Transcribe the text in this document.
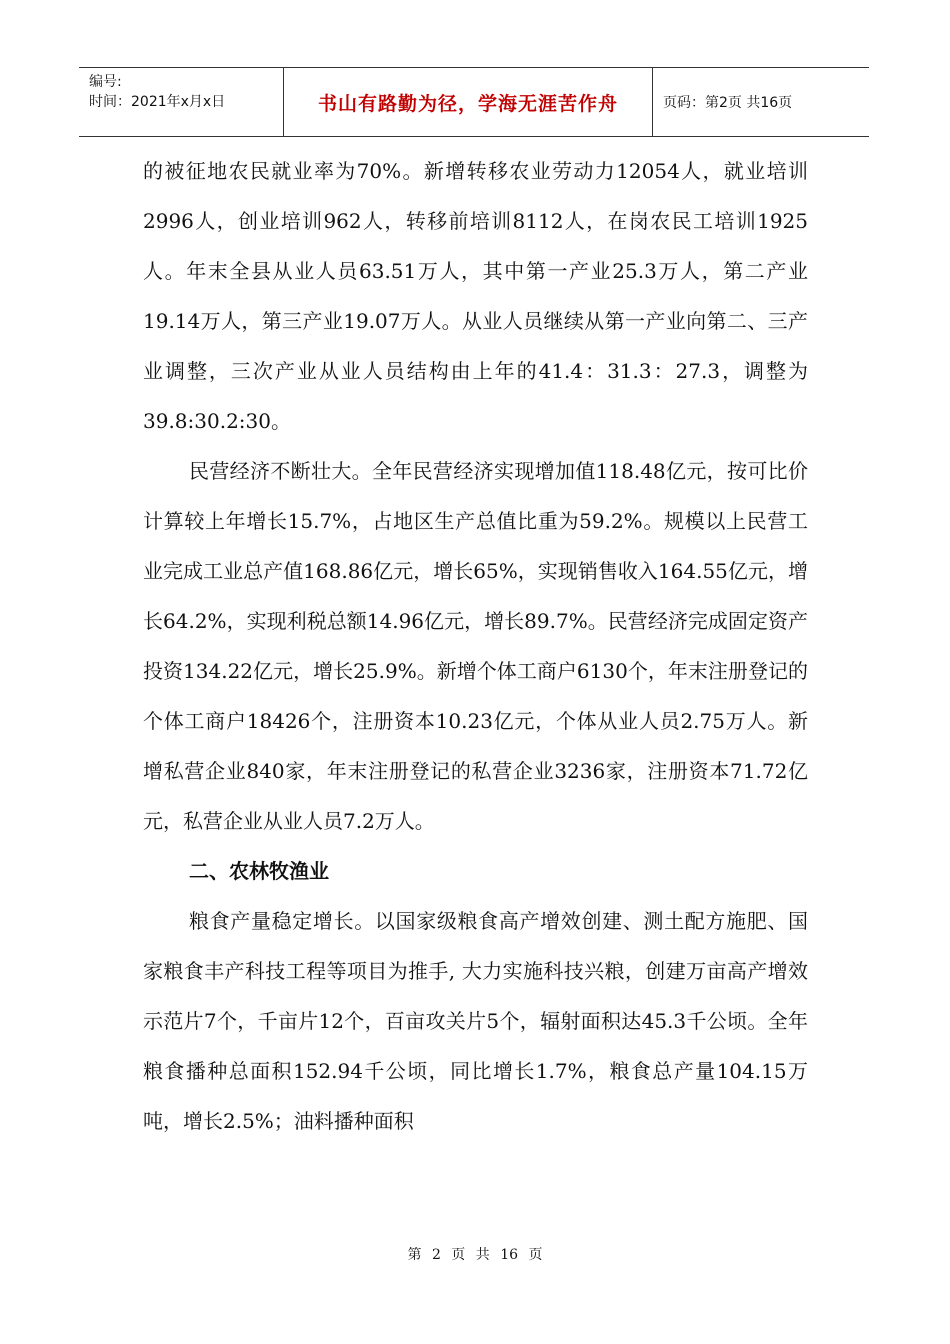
编号:
时间：2021年x月x日	书山有路勤为径，学海无涯苦作舟	页码：第2页 共16页

的被征地农民就业率为70%。新增转移农业劳动力12054人，就业培训2996人，创业培训962人，转移前培训8112人，在岗农民工培训1925人。年末全县从业人员63.51万人，其中第一产业25.3万人，第二产业19.14万人，第三产业19.07万人。从业人员继续从第一产业向第二、三产业调整，三次产业从业人员结构由上年的41.4：31.3：27.3，调整为39.8:30.2:30。

民营经济不断壮大。全年民营经济实现增加值118.48亿元，按可比价计算较上年增长15.7%，占地区生产总值比重为59.2%。规模以上民营工业完成工业总产值168.86亿元，增长65%，实现销售收入164.55亿元，增长64.2%，实现利税总额14.96亿元，增长89.7%。民营经济完成固定资产投资134.22亿元，增长25.9%。新增个体工商户6130个，年末注册登记的个体工商户18426个，注册资本10.23亿元，个体从业人员2.75万人。新增私营企业840家，年末注册登记的私营企业3236家，注册资本71.72亿元，私营企业从业人员7.2万人。

二、农林牧渔业

粮食产量稳定增长。以国家级粮食高产增效创建、测土配方施肥、国家粮食丰产科技工程等项目为推手, 大力实施科技兴粮，创建万亩高产增效示范片7个，千亩片12个，百亩攻关片5个，辐射面积达45.3千公顷。全年粮食播种总面积152.94千公顷，同比增长1.7%，粮食总产量104.15万吨，增长2.5%；油料播种面积

第 2 页 共 16 页
